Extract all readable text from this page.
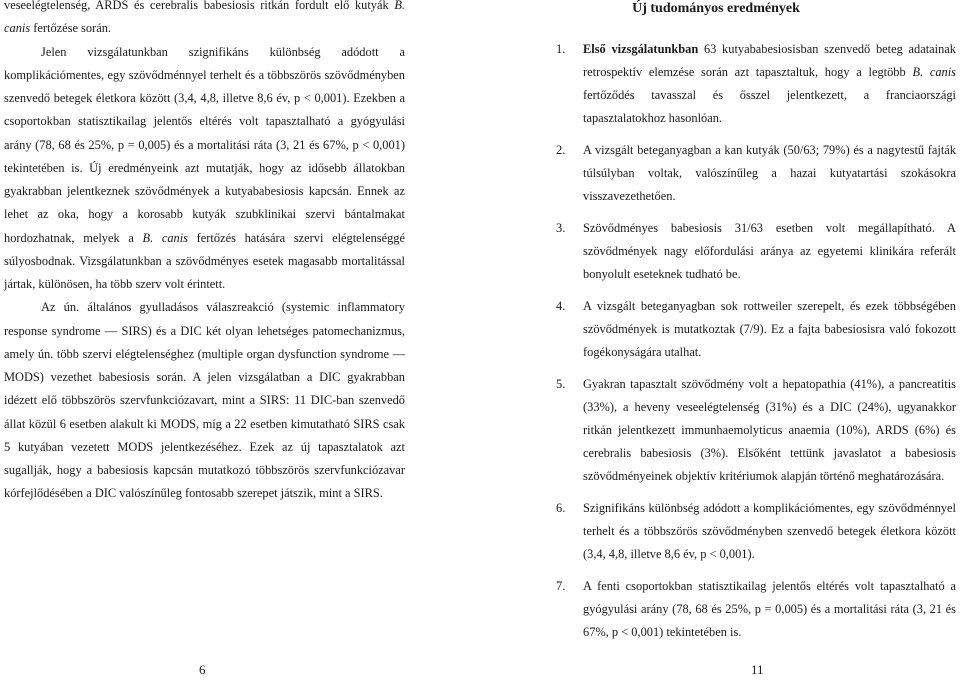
veseelégtelenség, ARDS és cerebralis babesiosis ritkán fordult elő kutyák B. canis fertőzése során.

Jelen vizsgálatunkban szignifikáns különbség adódott a komplikációmentes, egy szövődménnyel terhelt és a többszörös szövődményben szenvedő betegek életkora között (3,4, 4,8, illetve 8,6 év, p < 0,001). Ezekben a csoportokban statisztikailag jelentős eltérés volt tapasztalható a gyógyulási arány (78, 68 és 25%, p = 0,005) és a mortalitási ráta (3, 21 és 67%, p < 0,001) tekintetében is. Új eredményeink azt mutatják, hogy az idősebb állatokban gyakrabban jelentkeznek szövődmények a kutyababesiosis kapcsán. Ennek az lehet az oka, hogy a korosabb kutyák szubklinikai szervi bántalmakat hordozhatnak, melyek a B. canis fertőzés hatására szervi elégtelenséggé súlyosbodnak. Vizsgálatunkban a szövődményes esetek magasabb mortalitással jártak, különösen, ha több szerv volt érintett.

Az ún. általános gyulladásos válaszreakció (systemic inflammatory response syndrome — SIRS) és a DIC két olyan lehetséges patomechanizmus, amely ún. több szervi elégtelenséghez (multiple organ dysfunction syndrome — MODS) vezethet babesiosis során. A jelen vizsgálatban a DIC gyakrabban idézett elő többszörös szervfunkciózavart, mint a SIRS: 11 DIC-ban szenvedő állat közül 6 esetben alakult ki MODS, míg a 22 esetben kimutatható SIRS csak 5 kutyában vezetett MODS jelentkezéséhez. Ezek az új tapasztalatok azt sugallják, hogy a babesiosis kapcsán mutatkozó többszörös szervfunkciózavar kórfejlődésében a DIC valószínűleg fontosabb szerepet játszik, mint a SIRS.

6
Új tudományos eredmények
1. Első vizsgálatunkban 63 kutyababesiosisban szenvedő beteg adatainak retrospektív elemzése során azt tapasztaltuk, hogy a legtöbb B. canis fertőződés tavasszal és ősszel jelentkezett, a franciaországi tapasztalatokhoz hasonlóan.
2. A vizsgált beteganyagban a kan kutyák (50/63; 79%) és a nagytestű fajták túlsúlyban voltak, valószínűleg a hazai kutyatartási szokásokra visszavezethetően.
3. Szövődményes babesiosis 31/63 esetben volt megállapítható. A szövődmények nagy előfordulási aránya az egyetemi klinikára referált bonyolult eseteknek tudható be.
4. A vizsgált beteganyagban sok rottweiler szerepelt, és ezek többségében szövődmények is mutatkoztak (7/9). Ez a fajta babesiosisra való fokozott fogékonyságára utalhat.
5. Gyakran tapasztalt szövődmény volt a hepatopathia (41%), a pancreatitis (33%), a heveny veseelégtelenség (31%) és a DIC (24%), ugyanakkor ritkán jelentkezett immunhaemolyticus anaemia (10%), ARDS (6%) és cerebralis babesiosis (3%). Elsőként tettünk javaslatot a babesiosis szövődményeinek objektív kritériumok alapján történő meghatározására.
6. Szignifikáns különbség adódott a komplikációmentes, egy szövődménnyel terhelt és a többszörös szövődményben szenvedő betegek életkora között (3,4, 4,8, illetve 8,6 év, p < 0,001).
7. A fenti csoportokban statisztikailag jelentős eltérés volt tapasztalható a gyógyulási arány (78, 68 és 25%, p = 0,005) és a mortalitási ráta (3, 21 és 67%, p < 0,001) tekintetében is.
11
